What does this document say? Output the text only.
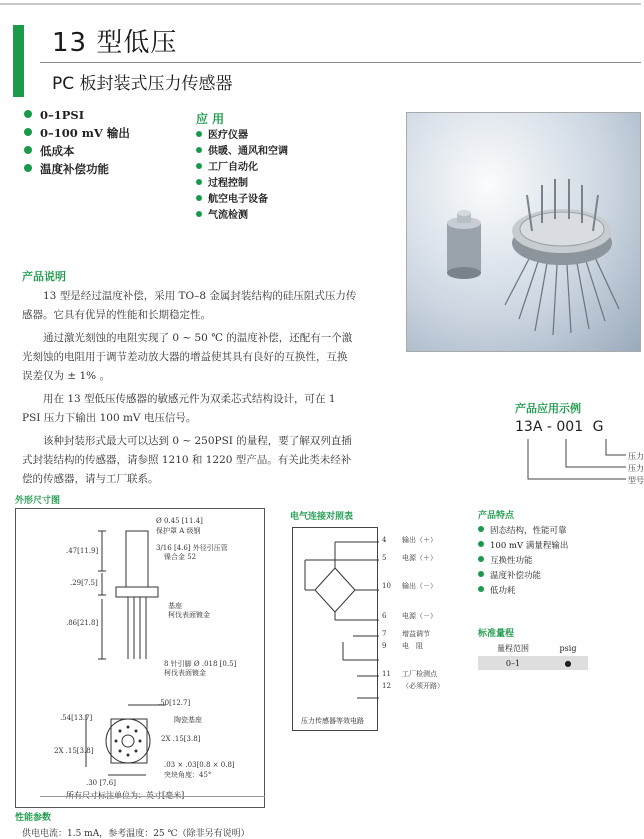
13 型低压
PC 板封装式压力传感器
0–1PSI
0–100 mV 输出
低成本
温度补偿功能
应 用
医疗仪器
供暖、通风和空调
工厂自动化
过程控制
航空电子设备
气流检测
产品说明

13 型是经过温度补偿，采用 TO–8 金属封装结构的硅压阻式压力传感器。它具有优异的性能和长期稳定性。

通过激光刻蚀的电阻实现了 0 ~ 50 ℃ 的温度补偿，还配有一个激光刻蚀的电阻用于调节差动放大器的增益使其具有良好的互换性，互换误差仅为 ± 1% 。

用在 13 型低压传感器的敏感元件为双柔芯式结构设计，可在 1 PSI 压力下输出 100 mV 电压信号。

该种封装形式最大可以达到 0 ~ 250PSI 的量程，要了解双列直插式封装结构的传感器，请参照 1210 和 1220 型产品。有关此类未经补偿的传感器，请与工厂联系。

产品应用示例
13A - 001 G
压力
压力
型号
外形尺寸图
.47[11.9]
.29[7.5]
.86[21.8]
.50[12.7]
.54[13.7]
2X .15[3.8]
2X .15[3.8]
.30 [7.6]
Ø 0.45 [11.4]
保护罩 A 级钢
3/16 [4.6] 外径引压管
镍合金 52
基座
柯伐表面镀金
8 针引脚 Ø .018 [0.5]
柯伐表面镀金
陶瓷基座
.03 × .03[0.8 × 0.8]
突块角度：45°
电气连接对照表
压力传感器等效电路
4 输出（＋）
5 电源（＋）
10 输出（－）
6 电源（－）
7 增益调节
9 电　阻
11 工厂检测点
12 （必须开路）
产品特点
固态结构，性能可靠
100 mV 满量程输出
互换性功能
温度补偿功能
低功耗
标准量程
量程范围	psig
0–1	●
性能参数
供电电流：1.5 mA，参考温度：25 ℃（除非另有说明）
